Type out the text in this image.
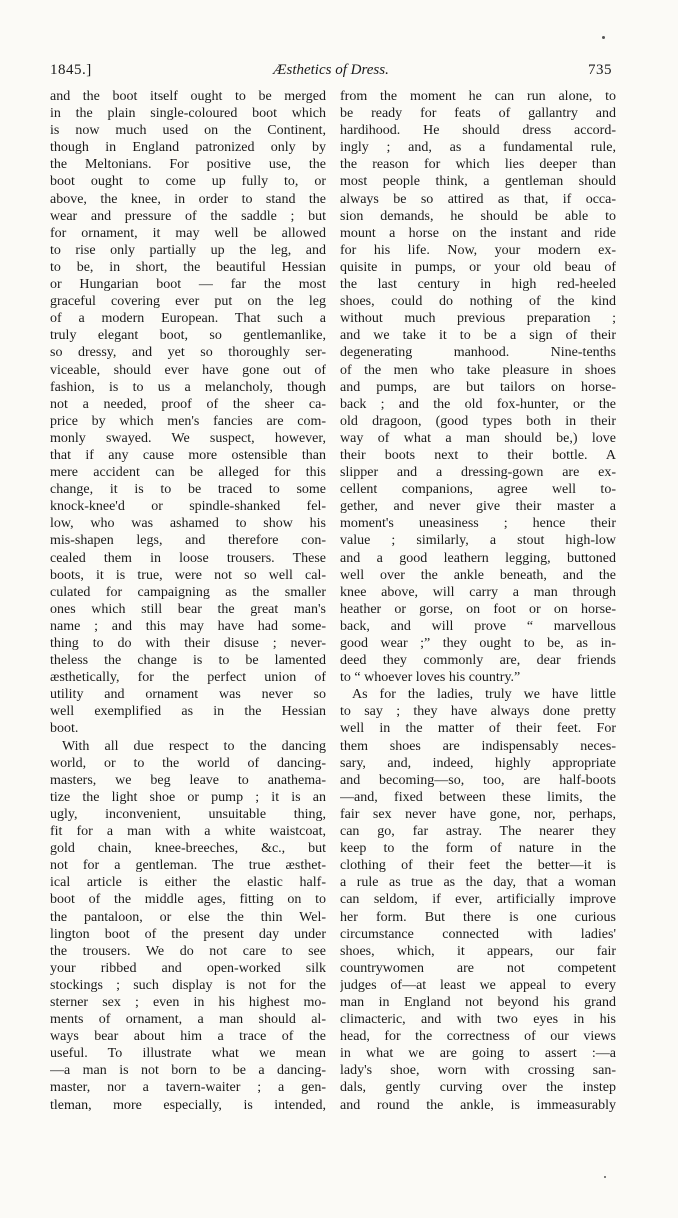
1845.]	Æsthetics of Dress.	735
and the boot itself ought to be merged
in the plain single-coloured boot which
is now much used on the Continent,
though in England patronized only by
the Meltonians. For positive use, the
boot ought to come up fully to, or
above, the knee, in order to stand the
wear and pressure of the saddle ; but
for ornament, it may well be allowed
to rise only partially up the leg, and
to be, in short, the beautiful Hessian
or Hungarian boot — far the most
graceful covering ever put on the leg
of a modern European. That such a
truly elegant boot, so gentlemanlike,
so dressy, and yet so thoroughly ser-
viceable, should ever have gone out of
fashion, is to us a melancholy, though
not a needed, proof of the sheer ca-
price by which men's fancies are com-
monly swayed. We suspect, however,
that if any cause more ostensible than
mere accident can be alleged for this
change, it is to be traced to some
knock-knee'd or spindle-shanked fel-
low, who was ashamed to show his
mis-shapen legs, and therefore con-
cealed them in loose trousers. These
boots, it is true, were not so well cal-
culated for campaigning as the smaller
ones which still bear the great man's
name ; and this may have had some-
thing to do with their disuse ; never-
theless the change is to be lamented
æsthetically, for the perfect union of
utility and ornament was never so
well exemplified as in the Hessian
boot.
With all due respect to the dancing
world, or to the world of dancing-
masters, we beg leave to anathema-
tize the light shoe or pump ; it is an
ugly, inconvenient, unsuitable thing,
fit for a man with a white waistcoat,
gold chain, knee-breeches, &c., but
not for a gentleman. The true æsthet-
ical article is either the elastic half-
boot of the middle ages, fitting on to
the pantaloon, or else the thin Wel-
lington boot of the present day under
the trousers. We do not care to see
your ribbed and open-worked silk
stockings ; such display is not for the
sterner sex ; even in his highest mo-
ments of ornament, a man should al-
ways bear about him a trace of the
useful. To illustrate what we mean
—a man is not born to be a dancing-
master, nor a tavern-waiter ; a gen-
tleman, more especially, is intended,
from the moment he can run alone, to
be ready for feats of gallantry and
hardihood. He should dress accord-
ingly ; and, as a fundamental rule,
the reason for which lies deeper than
most people think, a gentleman should
always be so attired as that, if occa-
sion demands, he should be able to
mount a horse on the instant and ride
for his life. Now, your modern ex-
quisite in pumps, or your old beau of
the last century in high red-heeled
shoes, could do nothing of the kind
without much previous preparation ;
and we take it to be a sign of their
degenerating manhood. Nine-tenths
of the men who take pleasure in shoes
and pumps, are but tailors on horse-
back ; and the old fox-hunter, or the
old dragoon, (good types both in their
way of what a man should be,) love
their boots next to their bottle. A
slipper and a dressing-gown are ex-
cellent companions, agree well to-
gether, and never give their master a
moment's uneasiness ; hence their
value ; similarly, a stout high-low
and a good leathern legging, buttoned
well over the ankle beneath, and the
knee above, will carry a man through
heather or gorse, on foot or on horse-
back, and will prove “ marvellous
good wear ;” they ought to be, as in-
deed they commonly are, dear friends
to “ whoever loves his country.”
As for the ladies, truly we have little
to say ; they have always done pretty
well in the matter of their feet. For
them shoes are indispensably neces-
sary, and, indeed, highly appropriate
and becoming—so, too, are half-boots
—and, fixed between these limits, the
fair sex never have gone, nor, perhaps,
can go, far astray. The nearer they
keep to the form of nature in the
clothing of their feet the better—it is
a rule as true as the day, that a woman
can seldom, if ever, artificially improve
her form. But there is one curious
circumstance connected with ladies'
shoes, which, it appears, our fair
countrywomen are not competent
judges of—at least we appeal to every
man in England not beyond his grand
climacteric, and with two eyes in his
head, for the correctness of our views
in what we are going to assert :—a
lady's shoe, worn with crossing san-
dals, gently curving over the instep
and round the ankle, is immeasurably
